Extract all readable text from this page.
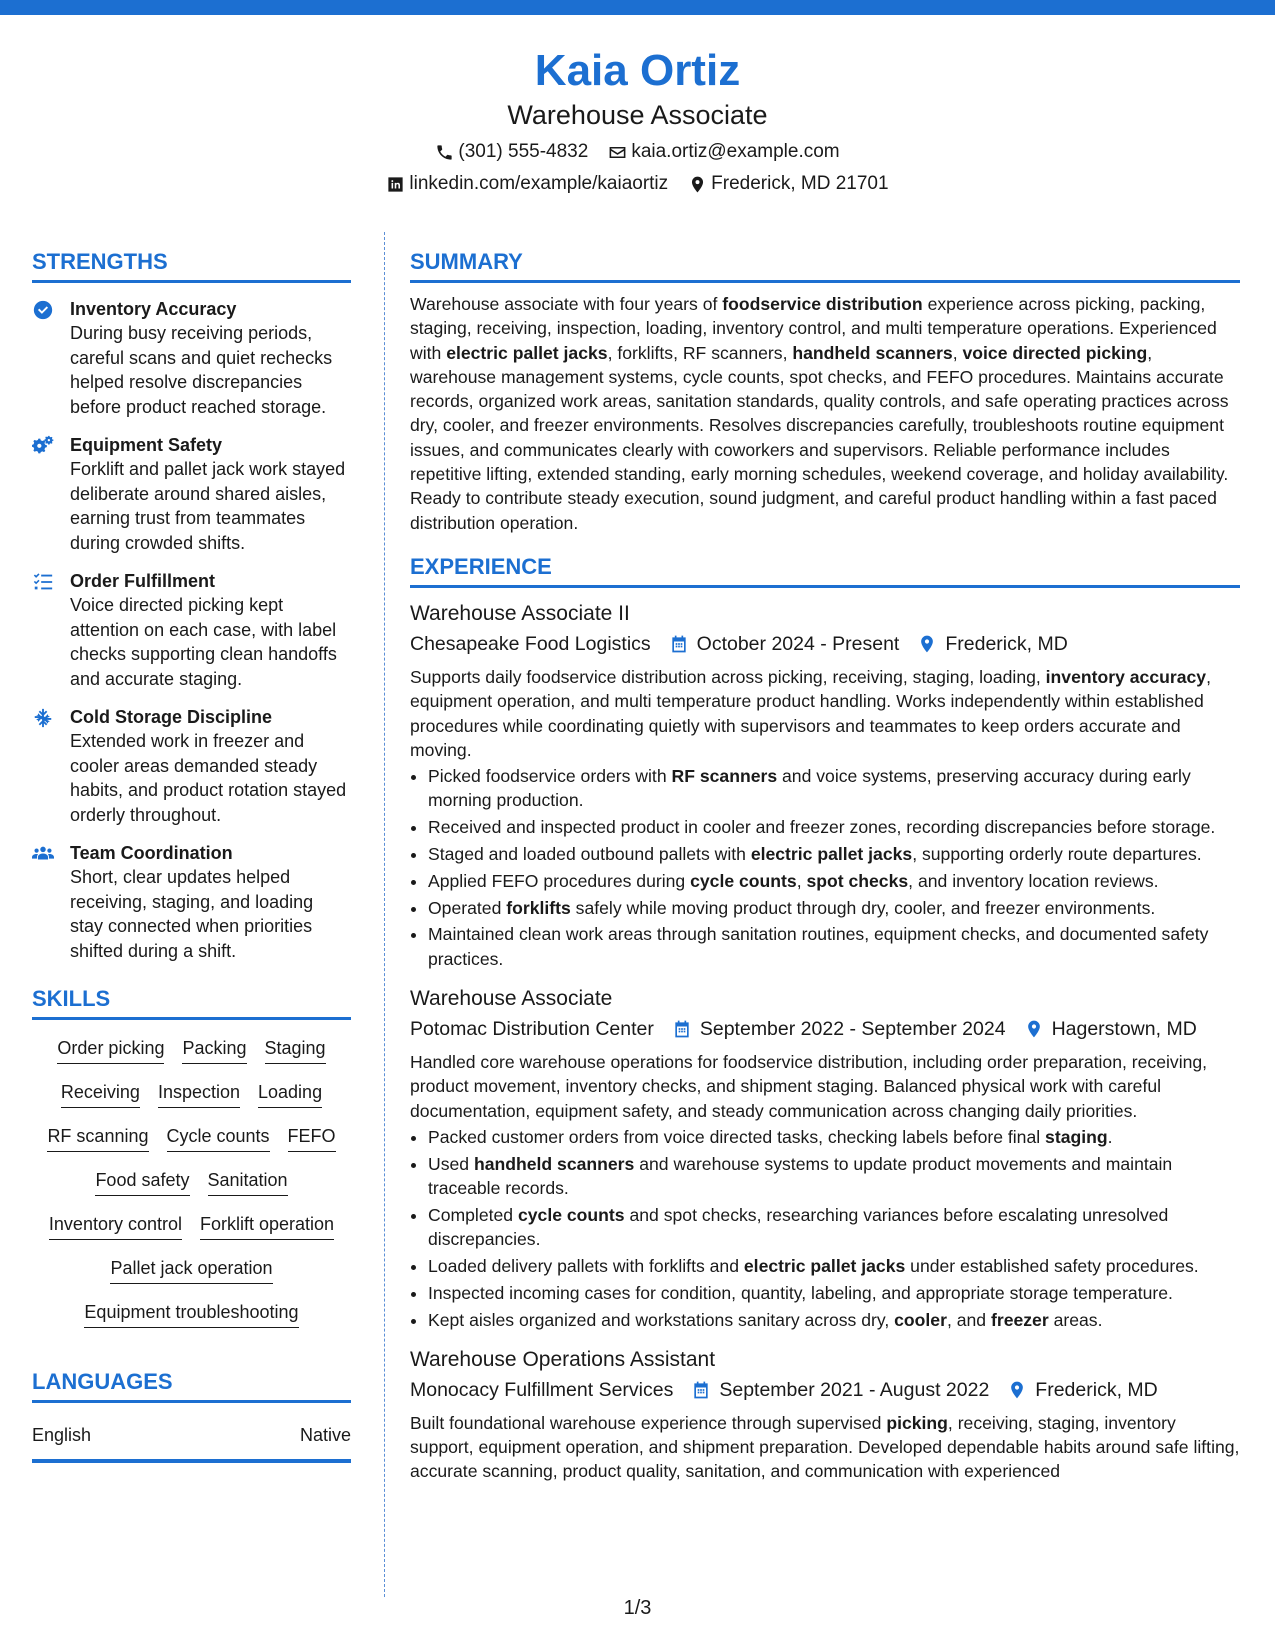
Kaia Ortiz
Warehouse Associate
(301) 555-4832 kaia.ortiz@example.com
linkedin.com/example/kaiaortiz Frederick, MD 21701
STRENGTHS
Inventory Accuracy
During busy receiving periods, careful scans and quiet rechecks helped resolve discrepancies before product reached storage.
Equipment Safety
Forklift and pallet jack work stayed deliberate around shared aisles, earning trust from teammates during crowded shifts.
Order Fulfillment
Voice directed picking kept attention on each case, with label checks supporting clean handoffs and accurate staging.
Cold Storage Discipline
Extended work in freezer and cooler areas demanded steady habits, and product rotation stayed orderly throughout.
Team Coordination
Short, clear updates helped receiving, staging, and loading stay connected when priorities shifted during a shift.
SKILLS
Order picking Packing Staging
Receiving Inspection Loading
RF scanning Cycle counts FEFO
Food safety Sanitation
Inventory control Forklift operation
Pallet jack operation
Equipment troubleshooting
LANGUAGES
English	Native
SUMMARY

Warehouse associate with four years of foodservice distribution experience across picking, packing, staging, receiving, inspection, loading, inventory control, and multi temperature operations. Experienced with electric pallet jacks, forklifts, RF scanners, handheld scanners, voice directed picking, warehouse management systems, cycle counts, spot checks, and FEFO procedures. Maintains accurate records, organized work areas, sanitation standards, quality controls, and safe operating practices across dry, cooler, and freezer environments. Resolves discrepancies carefully, troubleshoots routine equipment issues, and communicates clearly with coworkers and supervisors. Reliable performance includes repetitive lifting, extended standing, early morning schedules, weekend coverage, and holiday availability. Ready to contribute steady execution, sound judgment, and careful product handling within a fast paced distribution operation.

EXPERIENCE
Warehouse Associate II
Chesapeake Food Logistics October 2024 - Present Frederick, MD

Supports daily foodservice distribution across picking, receiving, staging, loading, inventory accuracy, equipment operation, and multi temperature product handling. Works independently within established procedures while coordinating quietly with supervisors and teammates to keep orders accurate and moving.

• Picked foodservice orders with RF scanners and voice systems, preserving accuracy during early morning production.
• Received and inspected product in cooler and freezer zones, recording discrepancies before storage.
• Staged and loaded outbound pallets with electric pallet jacks, supporting orderly route departures.
• Applied FEFO procedures during cycle counts, spot checks, and inventory location reviews.
• Operated forklifts safely while moving product through dry, cooler, and freezer environments.
• Maintained clean work areas through sanitation routines, equipment checks, and documented safety practices.
Warehouse Associate
Potomac Distribution Center September 2022 - September 2024 Hagerstown, MD

Handled core warehouse operations for foodservice distribution, including order preparation, receiving, product movement, inventory checks, and shipment staging. Balanced physical work with careful documentation, equipment safety, and steady communication across changing daily priorities.

• Packed customer orders from voice directed tasks, checking labels before final staging.
• Used handheld scanners and warehouse systems to update product movements and maintain traceable records.
• Completed cycle counts and spot checks, researching variances before escalating unresolved discrepancies.
• Loaded delivery pallets with forklifts and electric pallet jacks under established safety procedures.
• Inspected incoming cases for condition, quantity, labeling, and appropriate storage temperature.
• Kept aisles organized and workstations sanitary across dry, cooler, and freezer areas.
Warehouse Operations Assistant
Monocacy Fulfillment Services September 2021 - August 2022 Frederick, MD

Built foundational warehouse experience through supervised picking, receiving, staging, inventory support, equipment operation, and shipment preparation. Developed dependable habits around safe lifting, accurate scanning, product quality, sanitation, and communication with experienced

1/3
